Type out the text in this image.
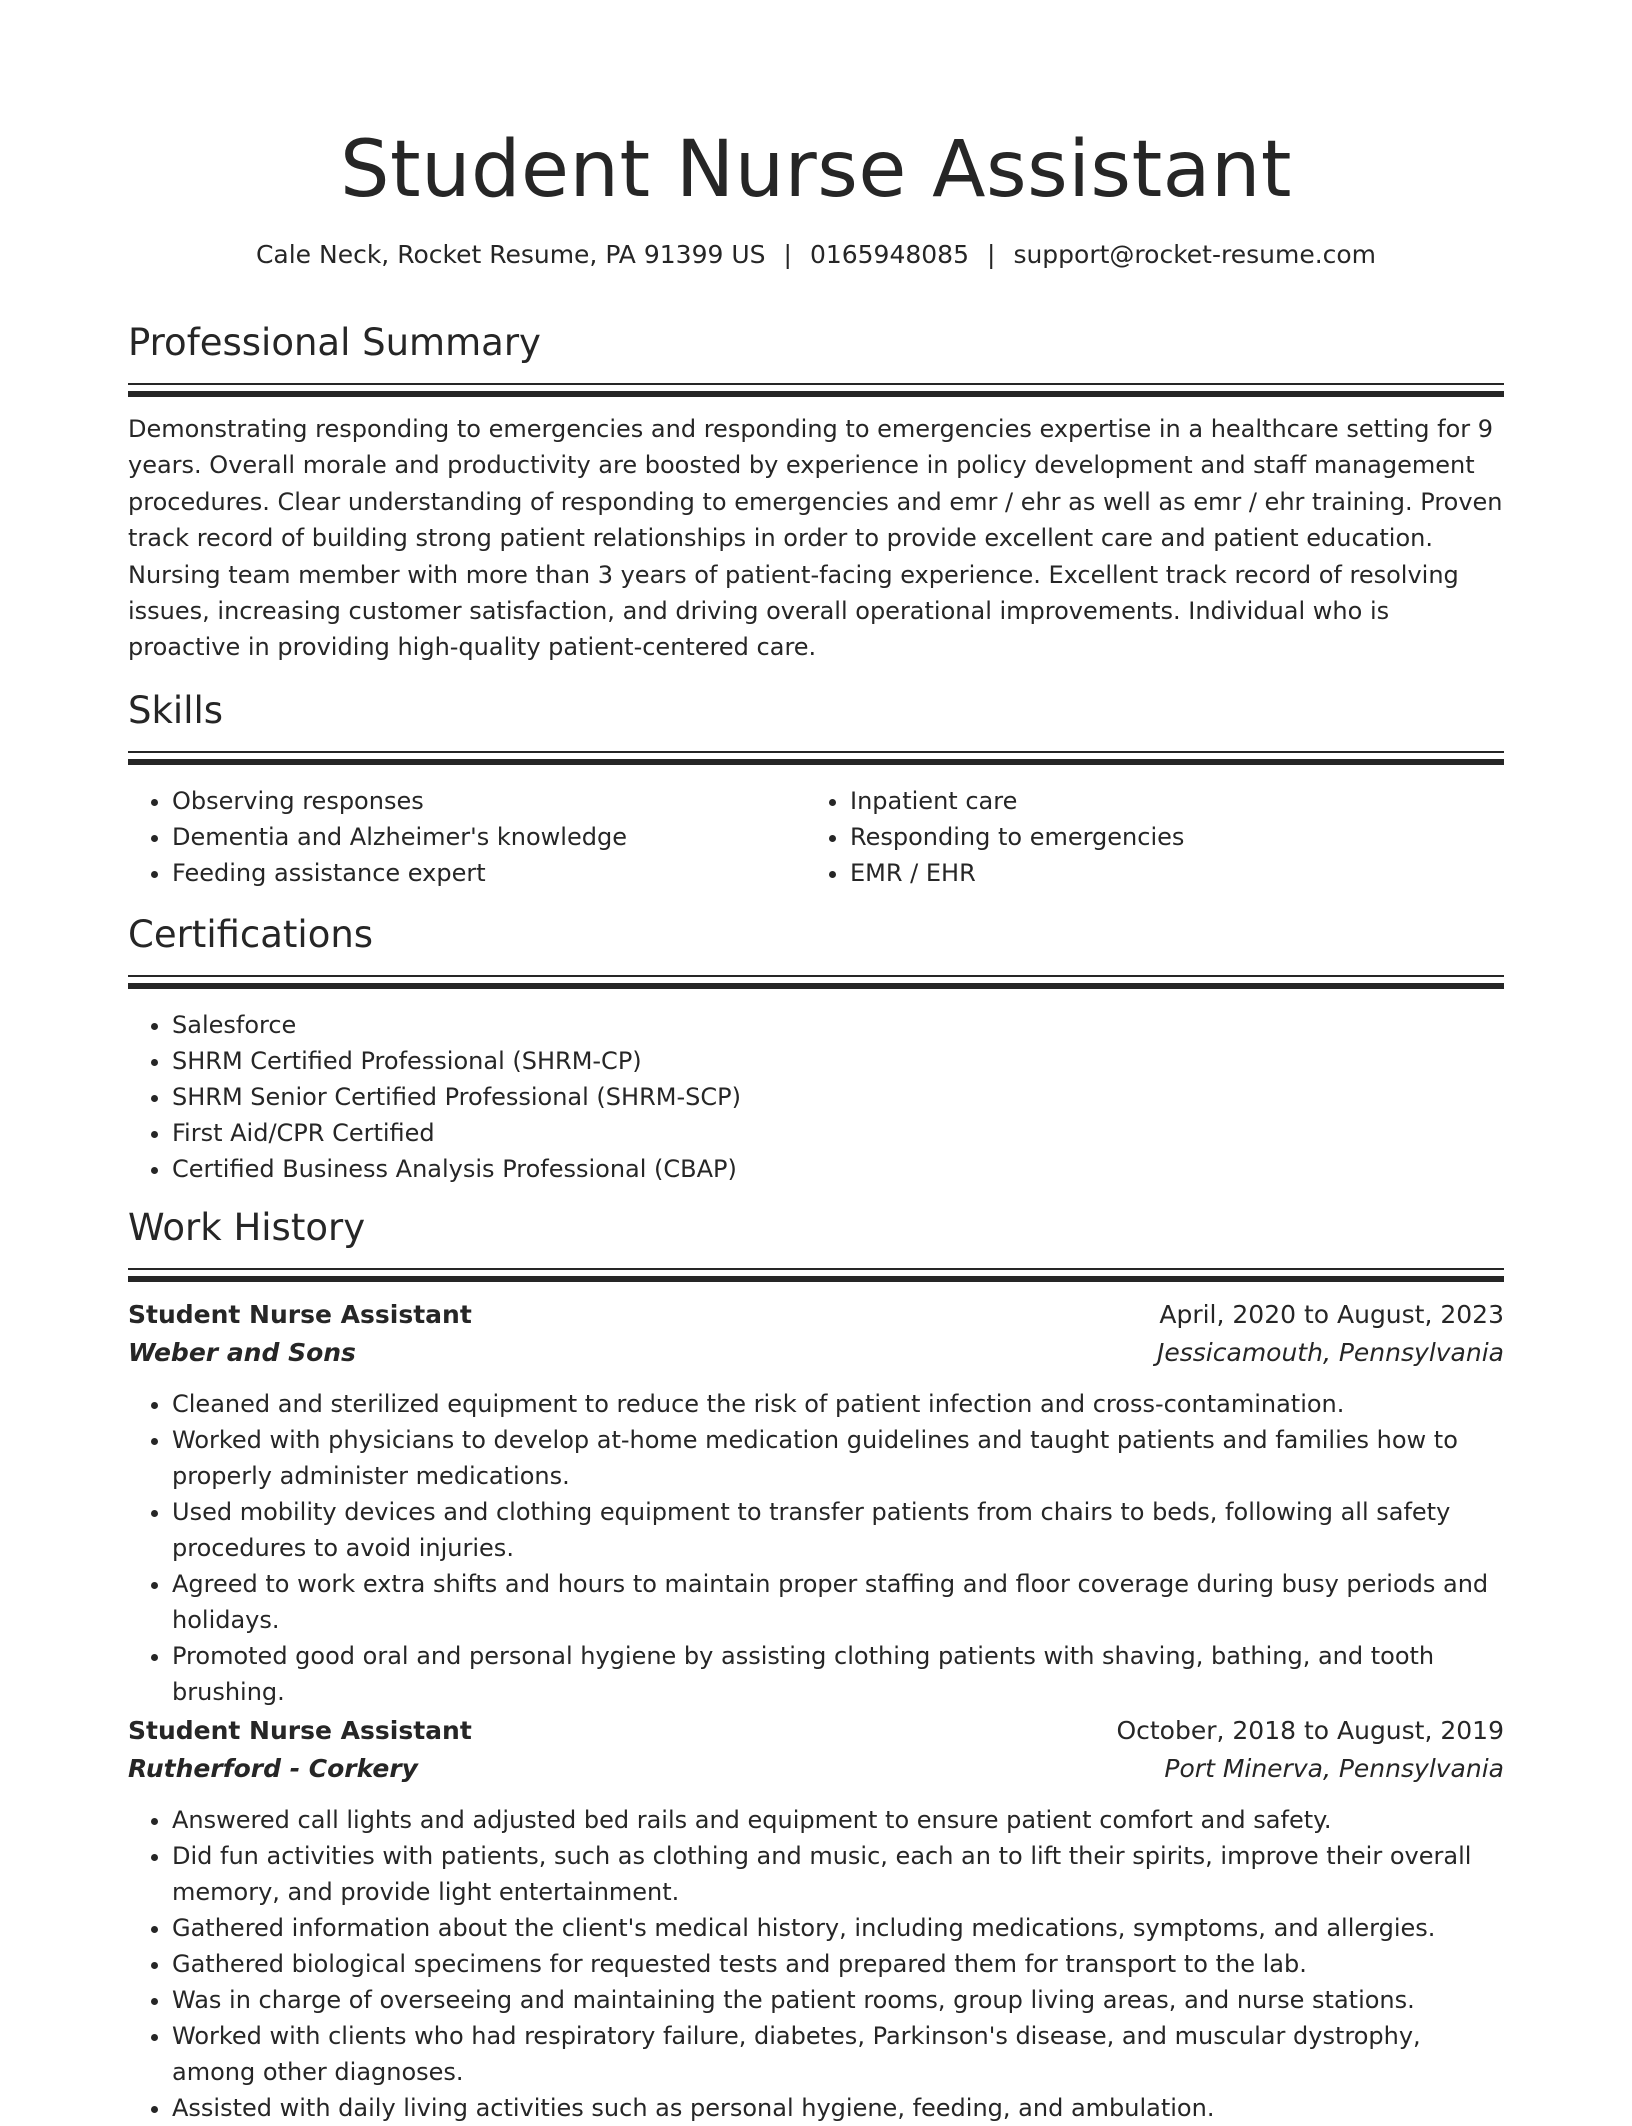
Student Nurse Assistant
Cale Neck, Rocket Resume, PA 91399 US | 0165948085 | support@rocket-resume.com
Professional Summary

Demonstrating responding to emergencies and responding to emergencies expertise in a healthcare setting for 9 years. Overall morale and productivity are boosted by experience in policy development and staff management procedures. Clear understanding of responding to emergencies and emr / ehr as well as emr / ehr training. Proven track record of building strong patient relationships in order to provide excellent care and patient education. Nursing team member with more than 3 years of patient-facing experience. Excellent track record of resolving issues, increasing customer satisfaction, and driving overall operational improvements. Individual who is proactive in providing high-quality patient-centered care.

Skills
• Observing responses
• Dementia and Alzheimer's knowledge
• Feeding assistance expert
• Inpatient care
• Responding to emergencies
• EMR / EHR
Certifications
• Salesforce
• SHRM Certified Professional (SHRM-CP)
• SHRM Senior Certified Professional (SHRM-SCP)
• First Aid/CPR Certified
• Certified Business Analysis Professional (CBAP)
Work History
Student Nurse Assistant	April, 2020 to August, 2023
Weber and Sons	Jessicamouth, Pennsylvania
• Cleaned and sterilized equipment to reduce the risk of patient infection and cross-contamination.
• Worked with physicians to develop at-home medication guidelines and taught patients and families how to properly administer medications.
• Used mobility devices and clothing equipment to transfer patients from chairs to beds, following all safety procedures to avoid injuries.
• Agreed to work extra shifts and hours to maintain proper staffing and floor coverage during busy periods and holidays.
• Promoted good oral and personal hygiene by assisting clothing patients with shaving, bathing, and tooth brushing.
Student Nurse Assistant	October, 2018 to August, 2019
Rutherford - Corkery	Port Minerva, Pennsylvania
• Answered call lights and adjusted bed rails and equipment to ensure patient comfort and safety.
• Did fun activities with patients, such as clothing and music, each an to lift their spirits, improve their overall memory, and provide light entertainment.
• Gathered information about the client's medical history, including medications, symptoms, and allergies.
• Gathered biological specimens for requested tests and prepared them for transport to the lab.
• Was in charge of overseeing and maintaining the patient rooms, group living areas, and nurse stations.
• Worked with clients who had respiratory failure, diabetes, Parkinson's disease, and muscular dystrophy, among other diagnoses.
• Assisted with daily living activities such as personal hygiene, feeding, and ambulation.
